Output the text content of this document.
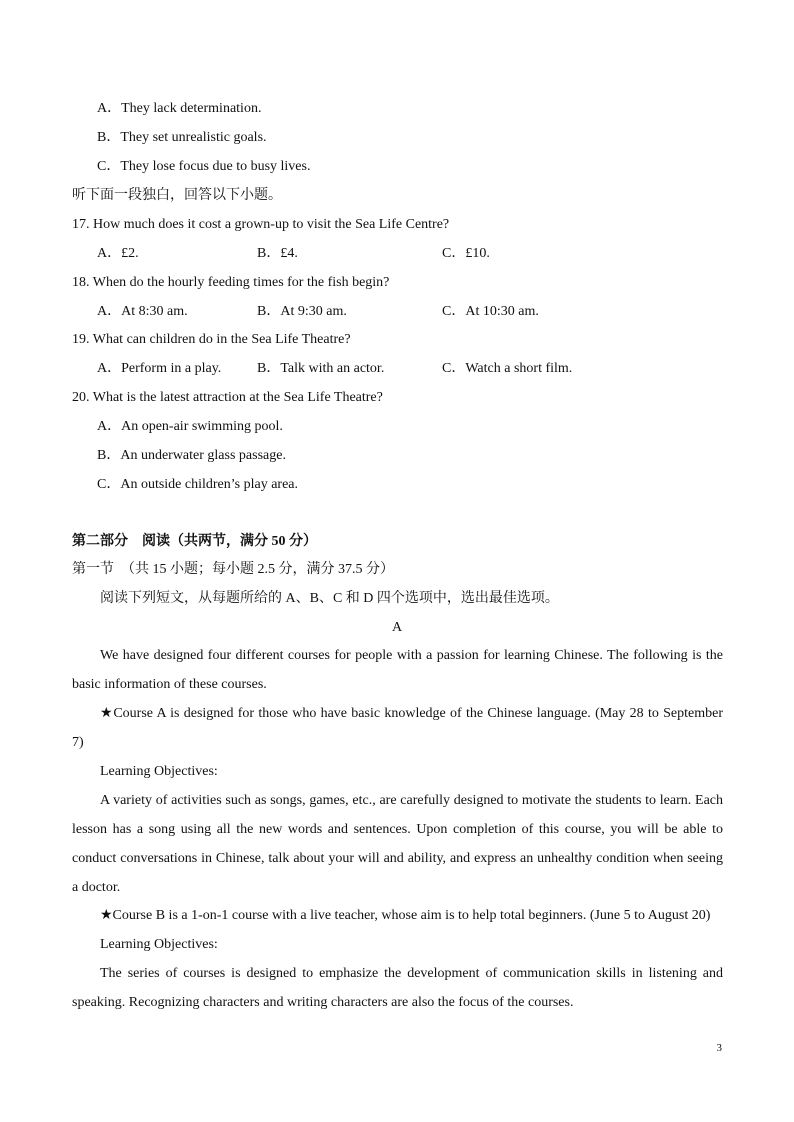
A．They lack determination.
B．They set unrealistic goals.
C．They lose focus due to busy lives.
听下面一段独白，回答以下小题。
17. How much does it cost a grown-up to visit the Sea Life Centre?
A．£2.	B．£4.	C．£10.
18. When do the hourly feeding times for the fish begin?
A．At 8:30 am.	B．At 9:30 am.	C．At 10:30 am.
19. What can children do in the Sea Life Theatre?
A．Perform in a play.	B．Talk with an actor.	C．Watch a short film.
20. What is the latest attraction at the Sea Life Theatre?
A．An open-air swimming pool.
B．An underwater glass passage.
C．An outside children’s play area.
第二部分　阅读（共两节，满分 50 分）
第一节　（共 15 小题；每小题 2.5 分，满分 37.5 分）
阅读下列短文，从每题所给的 A、B、C 和 D 四个选项中，选出最佳选项。
A
We have designed four different courses for people with a passion for learning Chinese. The following is the basic information of these courses.
★Course A is designed for those who have basic knowledge of the Chinese language. (May 28 to September 7)
Learning Objectives:
A variety of activities such as songs, games, etc., are carefully designed to motivate the students to learn. Each lesson has a song using all the new words and sentences. Upon completion of this course, you will be able to conduct conversations in Chinese, talk about your will and ability, and express an unhealthy condition when seeing a doctor.
★Course B is a 1-on-1 course with a live teacher, whose aim is to help total beginners. (June 5 to August 20)
Learning Objectives:
The series of courses is designed to emphasize the development of communication skills in listening and speaking. Recognizing characters and writing characters are also the focus of the courses.
3
